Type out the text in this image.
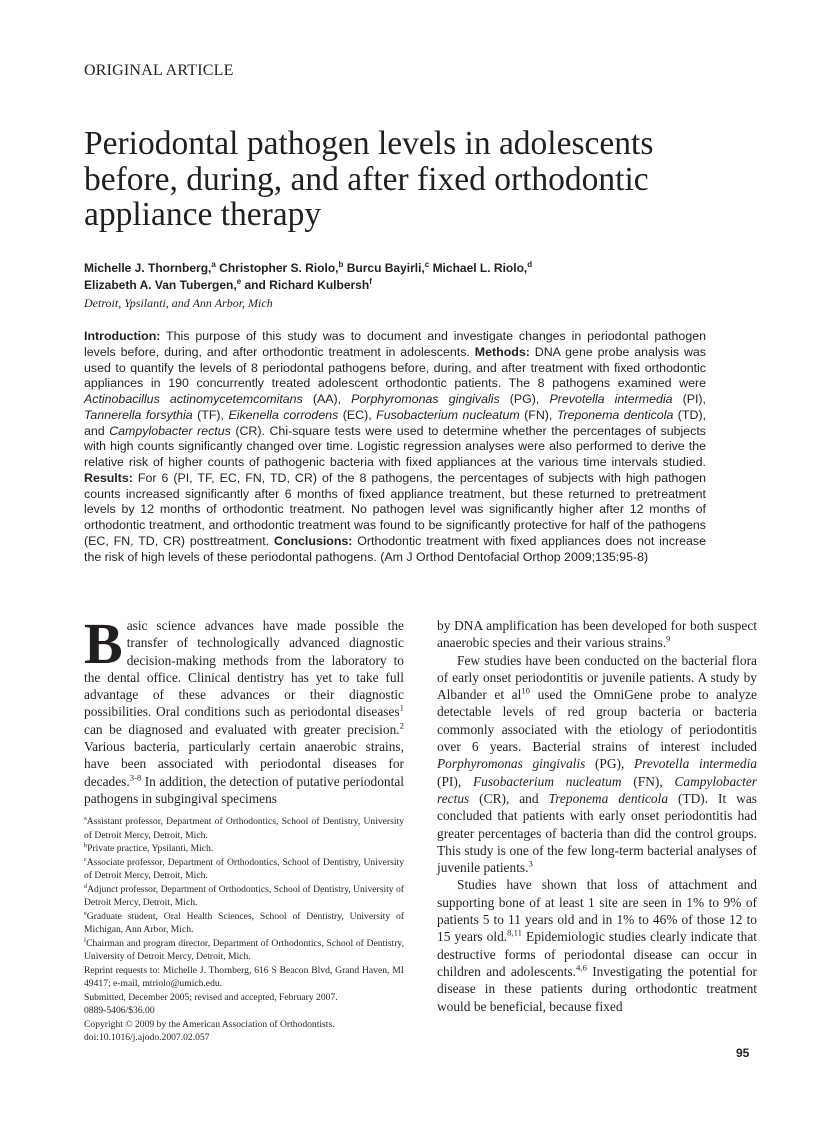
ORIGINAL ARTICLE
Periodontal pathogen levels in adolescents before, during, and after fixed orthodontic appliance therapy
Michelle J. Thornberg,$^a$ Christopher S. Riolo,$^b$ Burcu Bayirli,$^c$ Michael L. Riolo,$^d$
Elizabeth A. Van Tubergen,$^e$ and Richard Kulbersh$^f$
Detroit, Ypsilanti, and Ann Arbor, Mich

Introduction: This purpose of this study was to document and investigate changes in periodontal pathogen levels before, during, and after orthodontic treatment in adolescents. Methods: DNA gene probe analysis was used to quantify the levels of 8 periodontal pathogens before, during, and after treatment with fixed orthodontic appliances in 190 concurrently treated adolescent orthodontic patients. The 8 pathogens examined were Actinobacillus actinomycetemcomitans (AA), Porphyromonas gingivalis (PG), Prevotella intermedia (PI), Tannerella forsythia (TF), Eikenella corrodens (EC), Fusobacterium nucleatum (FN), Treponema denticola (TD), and Campylobacter rectus (CR). Chi-square tests were used to determine whether the percentages of subjects with high counts significantly changed over time. Logistic regression analyses were also performed to derive the relative risk of higher counts of pathogenic bacteria with fixed appliances at the various time intervals studied. Results: For 6 (PI, TF, EC, FN, TD, CR) of the 8 pathogens, the percentages of subjects with high pathogen counts increased significantly after 6 months of fixed appliance treatment, but these returned to pretreatment levels by 12 months of orthodontic treatment. No pathogen level was significantly higher after 12 months of orthodontic treatment, and orthodontic treatment was found to be significantly protective for half of the pathogens (EC, FN, TD, CR) posttreatment. Conclusions: Orthodontic treatment with fixed appliances does not increase the risk of high levels of these periodontal pathogens. (Am J Orthod Dentofacial Orthop 2009;135:95-8)

Basic science advances have made possible the transfer of technologically advanced diagnostic decision-making methods from the laboratory to the dental office. Clinical dentistry has yet to take full advantage of these advances or their diagnostic possibilities. Oral conditions such as periodontal diseases$^1$ can be diagnosed and evaluated with greater precision.$^2$ Various bacteria, particularly certain anaerobic strains, have been associated with periodontal diseases for decades.$^{3-8}$ In addition, the detection of putative periodontal pathogens in subgingival specimens

$^a$Assistant professor, Department of Orthodontics, School of Dentistry, University of Detroit Mercy, Detroit, Mich.

$^b$Private practice, Ypsilanti, Mich.

$^c$Associate professor, Department of Orthodontics, School of Dentistry, University of Detroit Mercy, Detroit, Mich.

$^d$Adjunct professor, Department of Orthodontics, School of Dentistry, University of Detroit Mercy, Detroit, Mich.

$^e$Graduate student, Oral Health Sciences, School of Dentistry, University of Michigan, Ann Arbor, Mich.

$^f$Chairman and program director, Department of Orthodontics, School of Dentistry, University of Detroit Mercy, Detroit, Mich.

Reprint requests to: Michelle J. Thornberg, 616 S Beacon Blvd, Grand Haven, MI 49417; e-mail, mtriolo@umich.edu.

Submitted, December 2005; revised and accepted, February 2007.

0889-5406/$36.00

Copyright © 2009 by the American Association of Orthodontists.

doi:10.1016/j.ajodo.2007.02.057

by DNA amplification has been developed for both suspect anaerobic species and their various strains.$^9$

Few studies have been conducted on the bacterial flora of early onset periodontitis or juvenile patients. A study by Albander et $al^{10}$ used the OmniGene probe to analyze detectable levels of red group bacteria or bacteria commonly associated with the etiology of periodontitis over 6 years. Bacterial strains of interest included Porphyromonas gingivalis (PG), Prevotella intermedia (PI), Fusobacterium nucleatum (FN), Campylobacter rectus (CR), and Treponema denticola (TD). It was concluded that patients with early onset periodontitis had greater percentages of bacteria than did the control groups. This study is one of the few long-term bacterial analyses of juvenile patients.$^3$

Studies have shown that loss of attachment and supporting bone of at least 1 site are seen in 1% to 9% of patients 5 to 11 years old and in 1% to 46% of those 12 to 15 years old.$^{8,11}$ Epidemiologic studies clearly indicate that destructive forms of periodontal disease can occur in children and adolescents.$^{4,6}$ Investigating the potential for disease in these patients during orthodontic treatment would be beneficial, because fixed

95
